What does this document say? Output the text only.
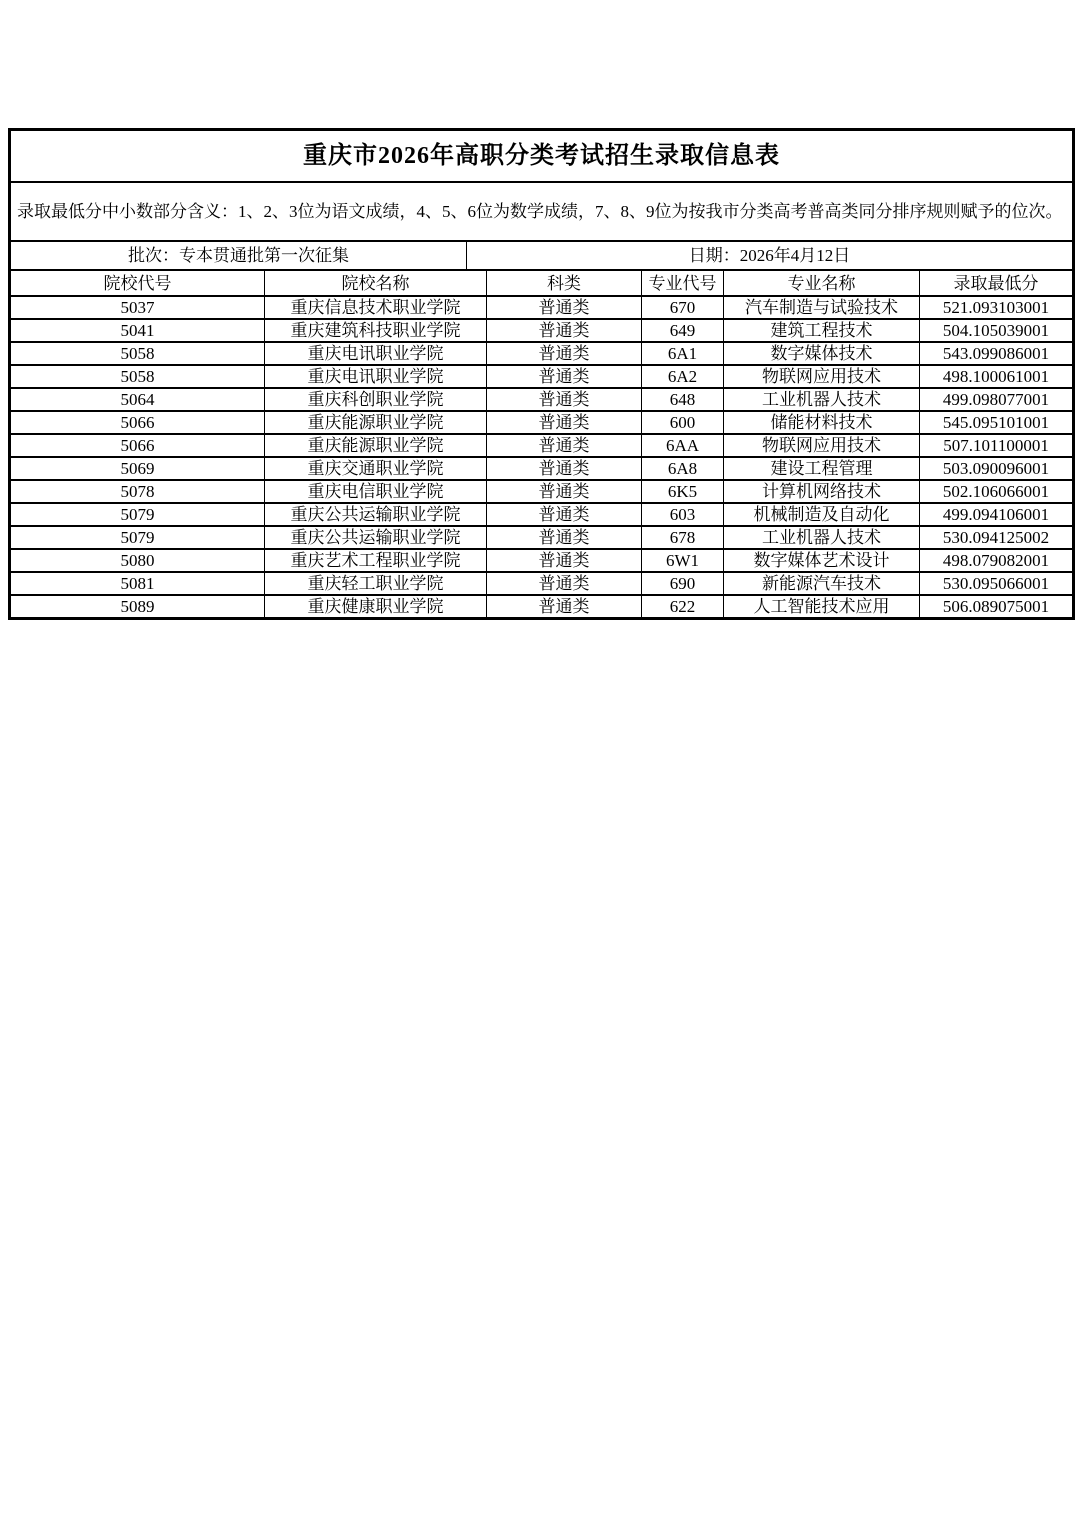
重庆市2026年高职分类考试招生录取信息表						
录取最低分中小数部分含义：1、2、3位为语文成绩，4、5、6位为数学成绩，7、8、9位为按我市分类高考普高类同分排序规则赋予的位次。						
批次：专本贯通批第一次征集		日期：2026年4月12日				
院校代号	院校名称		科类	专业代号	专业名称	录取最低分
5037	重庆信息技术职业学院		普通类	670	汽车制造与试验技术	521.093103001
5041	重庆建筑科技职业学院		普通类	649	建筑工程技术	504.105039001
5058	重庆电讯职业学院		普通类	6A1	数字媒体技术	543.099086001
5058	重庆电讯职业学院		普通类	6A2	物联网应用技术	498.100061001
5064	重庆科创职业学院		普通类	648	工业机器人技术	499.098077001
5066	重庆能源职业学院		普通类	600	储能材料技术	545.095101001
5066	重庆能源职业学院		普通类	6AA	物联网应用技术	507.101100001
5069	重庆交通职业学院		普通类	6A8	建设工程管理	503.090096001
5078	重庆电信职业学院		普通类	6K5	计算机网络技术	502.106066001
5079	重庆公共运输职业学院		普通类	603	机械制造及自动化	499.094106001
5079	重庆公共运输职业学院		普通类	678	工业机器人技术	530.094125002
5080	重庆艺术工程职业学院		普通类	6W1	数字媒体艺术设计	498.079082001
5081	重庆轻工职业学院		普通类	690	新能源汽车技术	530.095066001
5089	重庆健康职业学院		普通类	622	人工智能技术应用	506.089075001
